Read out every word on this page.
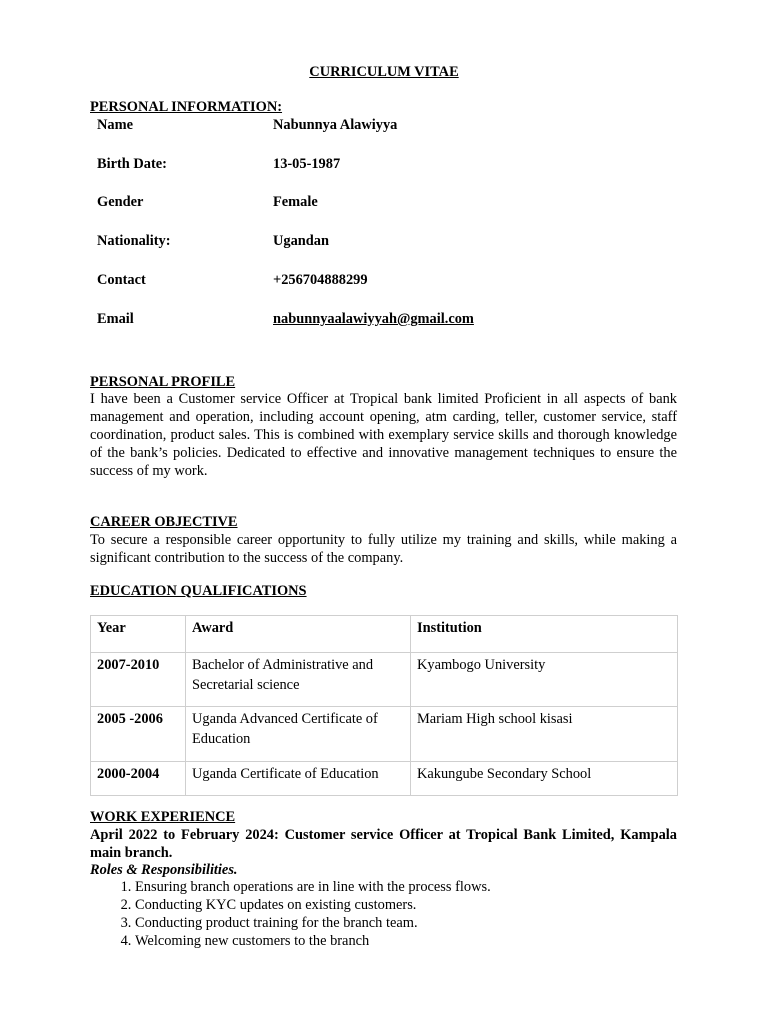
CURRICULUM VITAE
PERSONAL INFORMATION:
Name	Nabunnya Alawiyya
Birth Date:	13-05-1987
Gender	Female
Nationality:	Ugandan
Contact	+256704888299
Email	nabunnyaalawiyyah@gmail.com
PERSONAL PROFILE
I have been a Customer service Officer at Tropical bank limited Proficient in all aspects of bank management and operation, including account opening, atm carding, teller, customer service, staff coordination, product sales. This is combined with exemplary service skills and thorough knowledge of the bank’s policies. Dedicated to effective and innovative management techniques to ensure the success of my work.
CAREER OBJECTIVE
To secure a responsible career opportunity to fully utilize my training and skills, while making a significant contribution to the success of the company.
EDUCATION QUALIFICATIONS
Year	Award	Institution
2007-2010	Bachelor of Administrative and Secretarial science	Kyambogo University
2005 -2006	Uganda Advanced Certificate of Education	Mariam High school kisasi
2000-2004	Uganda Certificate of Education	Kakungube Secondary School
WORK EXPERIENCE
April 2022 to February 2024: Customer service Officer at Tropical Bank Limited, Kampala main branch.
Roles & Responsibilities.
1. Ensuring branch operations are in line with the process flows.
2. Conducting KYC updates on existing customers.
3. Conducting product training for the branch team.
4. Welcoming new customers to the branch
